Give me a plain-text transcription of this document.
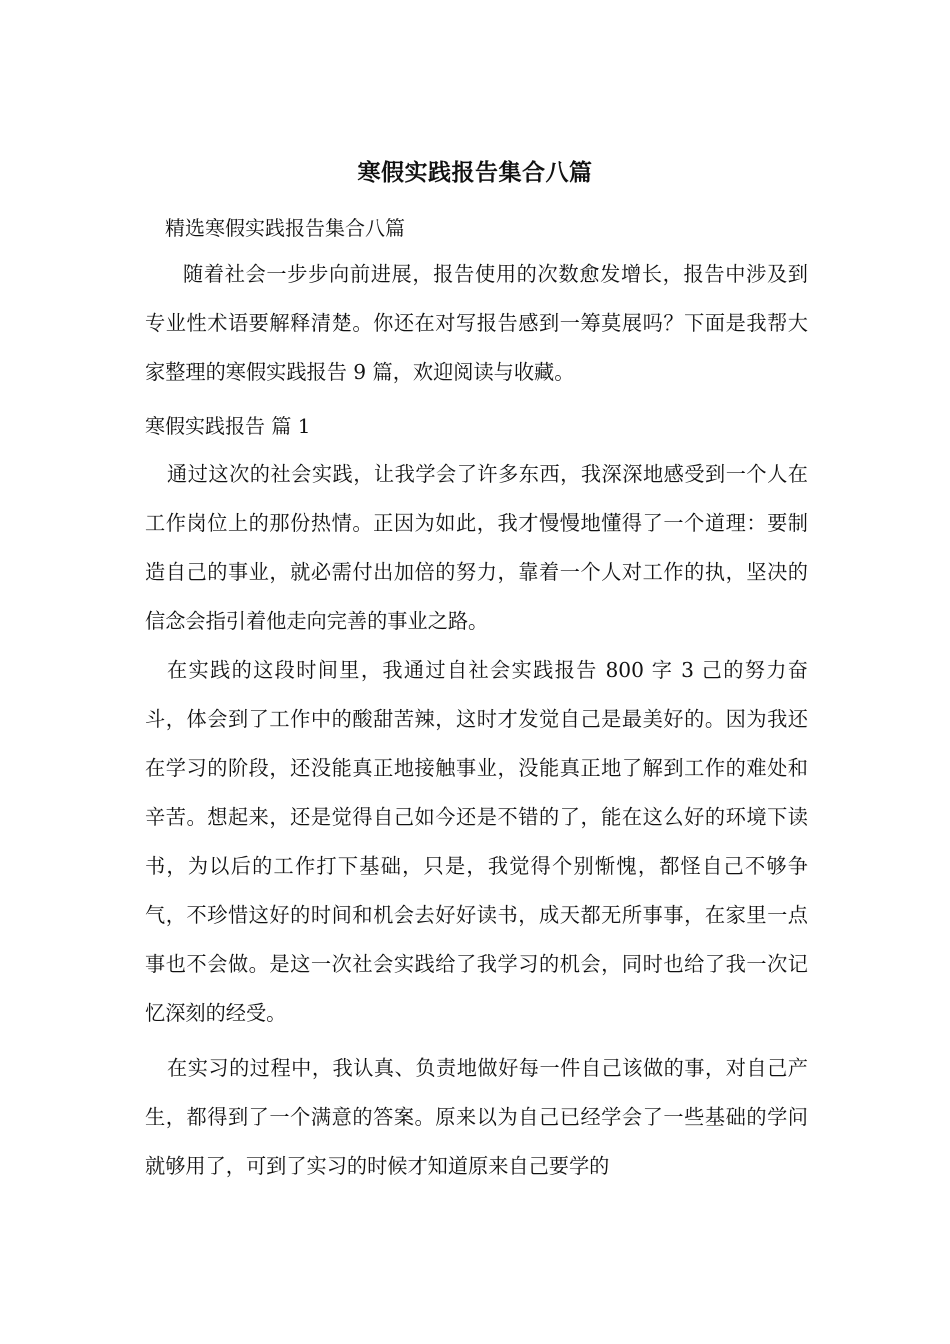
寒假实践报告集合八篇
精选寒假实践报告集合八篇

随着社会一步步向前进展，报告使用的次数愈发增长，报告中涉及到专业性术语要解释清楚。你还在对写报告感到一筹莫展吗？下面是我帮大家整理的寒假实践报告 9 篇，欢迎阅读与收藏。

寒假实践报告 篇 1

通过这次的社会实践，让我学会了许多东西，我深深地感受到一个人在工作岗位上的那份热情。正因为如此，我才慢慢地懂得了一个道理：要制造自己的事业，就必需付出加倍的努力，靠着一个人对工作的执，坚决的信念会指引着他走向完善的事业之路。

在实践的这段时间里，我通过自社会实践报告 800 字 3 己的努力奋斗，体会到了工作中的酸甜苦辣，这时才发觉自己是最美好的。因为我还在学习的阶段，还没能真正地接触事业，没能真正地了解到工作的难处和辛苦。想起来，还是觉得自己如今还是不错的了，能在这么好的环境下读书，为以后的工作打下基础，只是，我觉得个别惭愧，都怪自己不够争气，不珍惜这好的时间和机会去好好读书，成天都无所事事，在家里一点事也不会做。是这一次社会实践给了我学习的机会，同时也给了我一次记忆深刻的经受。

在实习的过程中，我认真、负责地做好每一件自己该做的事，对自己产生，都得到了一个满意的答案。原来以为自己已经学会了一些基础的学问就够用了，可到了实习的时候才知道原来自己要学的
